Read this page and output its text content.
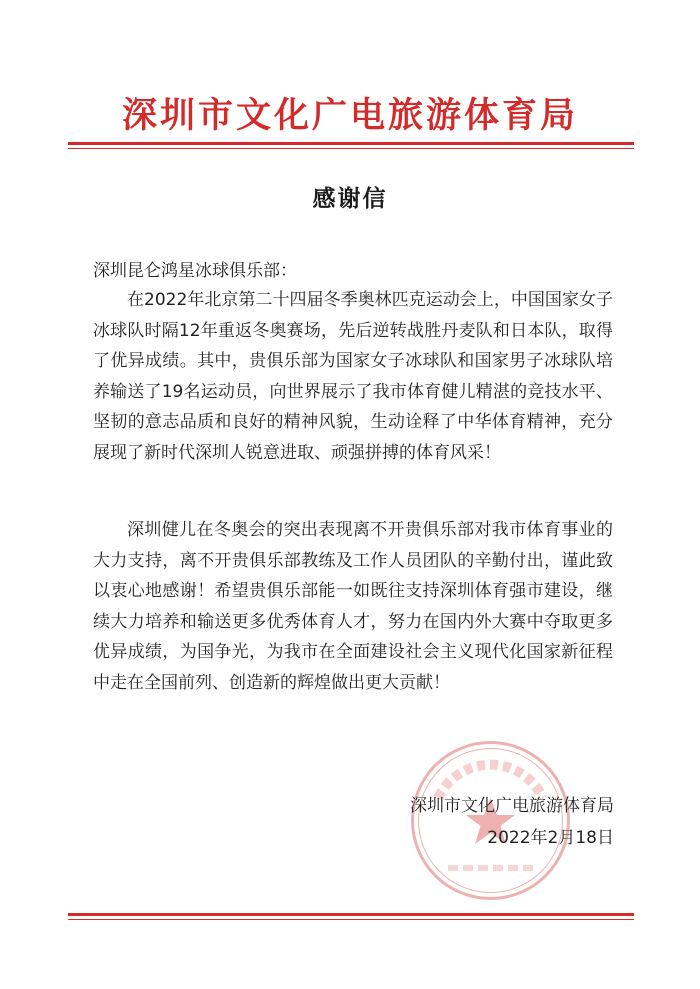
深圳市文化广电旅游体育局
感谢信
深圳昆仑鸿星冰球俱乐部：

在2022年北京第二十四届冬季奥林匹克运动会上，中国国家女子冰球队时隔12年重返冬奥赛场，先后逆转战胜丹麦队和日本队，取得了优异成绩。其中，贵俱乐部为国家女子冰球队和国家男子冰球队培养输送了19名运动员，向世界展示了我市体育健儿精湛的竞技水平、坚韧的意志品质和良好的精神风貌，生动诠释了中华体育精神，充分展现了新时代深圳人锐意进取、顽强拼搏的体育风采！

深圳健儿在冬奥会的突出表现离不开贵俱乐部对我市体育事业的大力支持，离不开贵俱乐部教练及工作人员团队的辛勤付出，谨此致以衷心地感谢！希望贵俱乐部能一如既往支持深圳体育强市建设，继续大力培养和输送更多优秀体育人才，努力在国内外大赛中夺取更多优异成绩，为国争光，为我市在全面建设社会主义现代化国家新征程中走在全国前列、创造新的辉煌做出更大贡献！

深圳市文化广电旅游体育局
2022年2月18日
